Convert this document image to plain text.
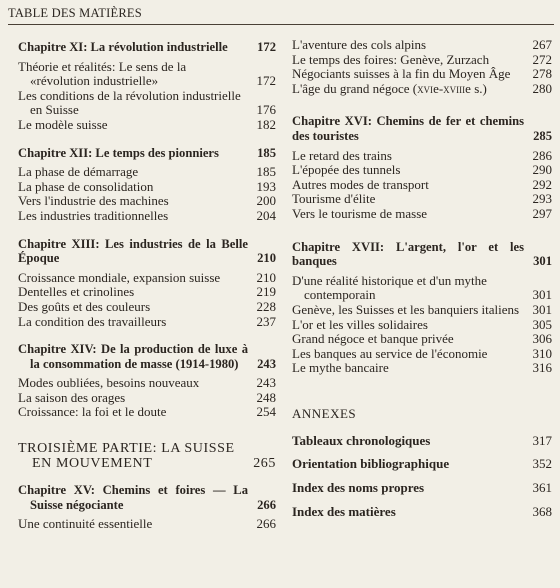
TABLE DES MATIÈRES
Chapitre XI: La révolution industrielle	172
Théorie et réalités: Le sens de la «révolution industrielle»	172
Les conditions de la révolution industrielle en Suisse	176
Le modèle suisse	182
Chapitre XII: Le temps des pionniers	185
La phase de démarrage	185
La phase de consolidation	193
Vers l'industrie des machines	200
Les industries traditionnelles	204
Chapitre XIII: Les industries de la Belle Époque	210
Croissance mondiale, expansion suisse	210
Dentelles et crinolines	219
Des goûts et des couleurs	228
La condition des travailleurs	237
Chapitre XIV: De la production de luxe à la consommation de masse (1914-1980)	243
Modes oubliées, besoins nouveaux	243
La saison des orages	248
Croissance: la foi et le doute	254
TROISIÈME PARTIE: LA SUISSE EN MOUVEMENT	265
Chapitre XV: Chemins et foires — La Suisse négociante	266
Une continuité essentielle	266
L'aventure des cols alpins	267
Le temps des foires: Genève, Zurzach	272
Négociants suisses à la fin du Moyen Âge	278
L'âge du grand négoce (xvie-xviiie s.)	280
Chapitre XVI: Chemins de fer et chemins des touristes	285
Le retard des trains	286
L'épopée des tunnels	290
Autres modes de transport	292
Tourisme d'élite	293
Vers le tourisme de masse	297
Chapitre XVII: L'argent, l'or et les banques	301
D'une réalité historique et d'un mythe contemporain	301
Genève, les Suisses et les banquiers italiens	301
L'or et les villes solidaires	305
Grand négoce et banque privée	306
Les banques au service de l'économie	310
Le mythe bancaire	316
ANNEXES
Tableaux chronologiques	317
Orientation bibliographique	352
Index des noms propres	361
Index des matières	368
